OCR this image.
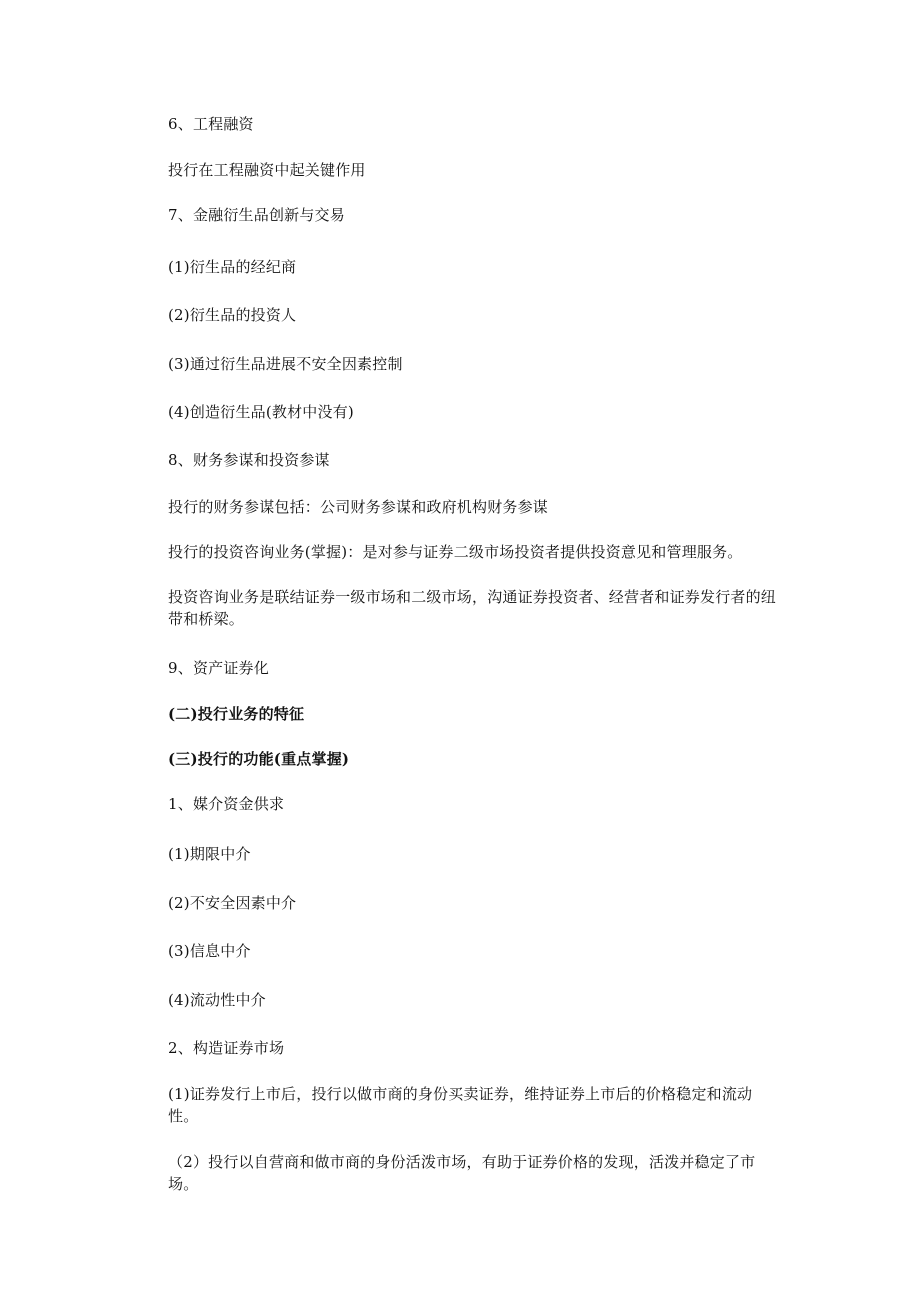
6、工程融资
投行在工程融资中起关键作用
7、金融衍生品创新与交易
(1)衍生品的经纪商
(2)衍生品的投资人
(3)通过衍生品进展不安全因素控制
(4)创造衍生品(教材中没有)
8、财务参谋和投资参谋
投行的财务参谋包括：公司财务参谋和政府机构财务参谋
投行的投资咨询业务(掌握)：是对参与证券二级市场投资者提供投资意见和管理服务。
投资咨询业务是联结证券一级市场和二级市场，沟通证券投资者、经营者和证券发行者的纽带和桥梁。
9、资产证券化
(二)投行业务的特征
(三)投行的功能(重点掌握)
1、媒介资金供求
(1)期限中介
(2)不安全因素中介
(3)信息中介
(4)流动性中介
2、构造证券市场
(1)证券发行上市后，投行以做市商的身份买卖证券，维持证券上市后的价格稳定和流动性。
（2）投行以自营商和做市商的身份活泼市场，有助于证券价格的发现，活泼并稳定了市场。
